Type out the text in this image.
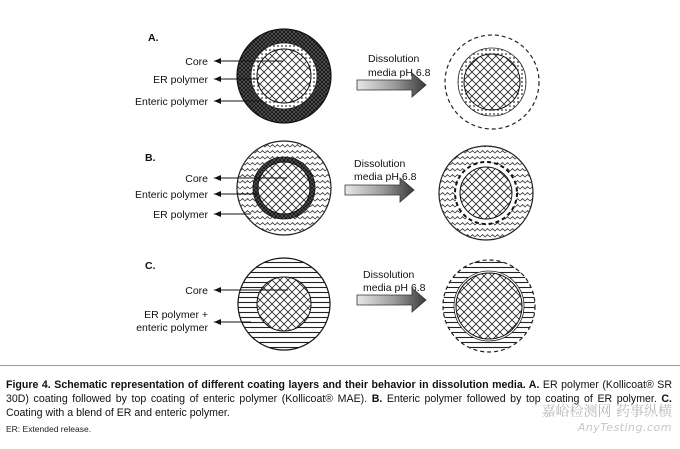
A.
Core
ER polymer
Enteric polymer
Dissolution
media pH 6.8
B.
Core
Enteric polymer
ER polymer
Dissolution
media pH 6.8
C.
Core
ER polymer +
enteric polymer
Dissolution
media pH 6.8
Figure 4. Schematic representation of different coating layers and their behavior in dissolution media. A. ER polymer (Kollicoat® SR 30D) coating followed by top coating of enteric polymer (Kollicoat® MAE). B. Enteric polymer followed by top coating of ER polymer. C. Coating with a blend of ER and enteric polymer.
ER: Extended release.
嘉峪检测网 药事纵横
AnyTesting.com
